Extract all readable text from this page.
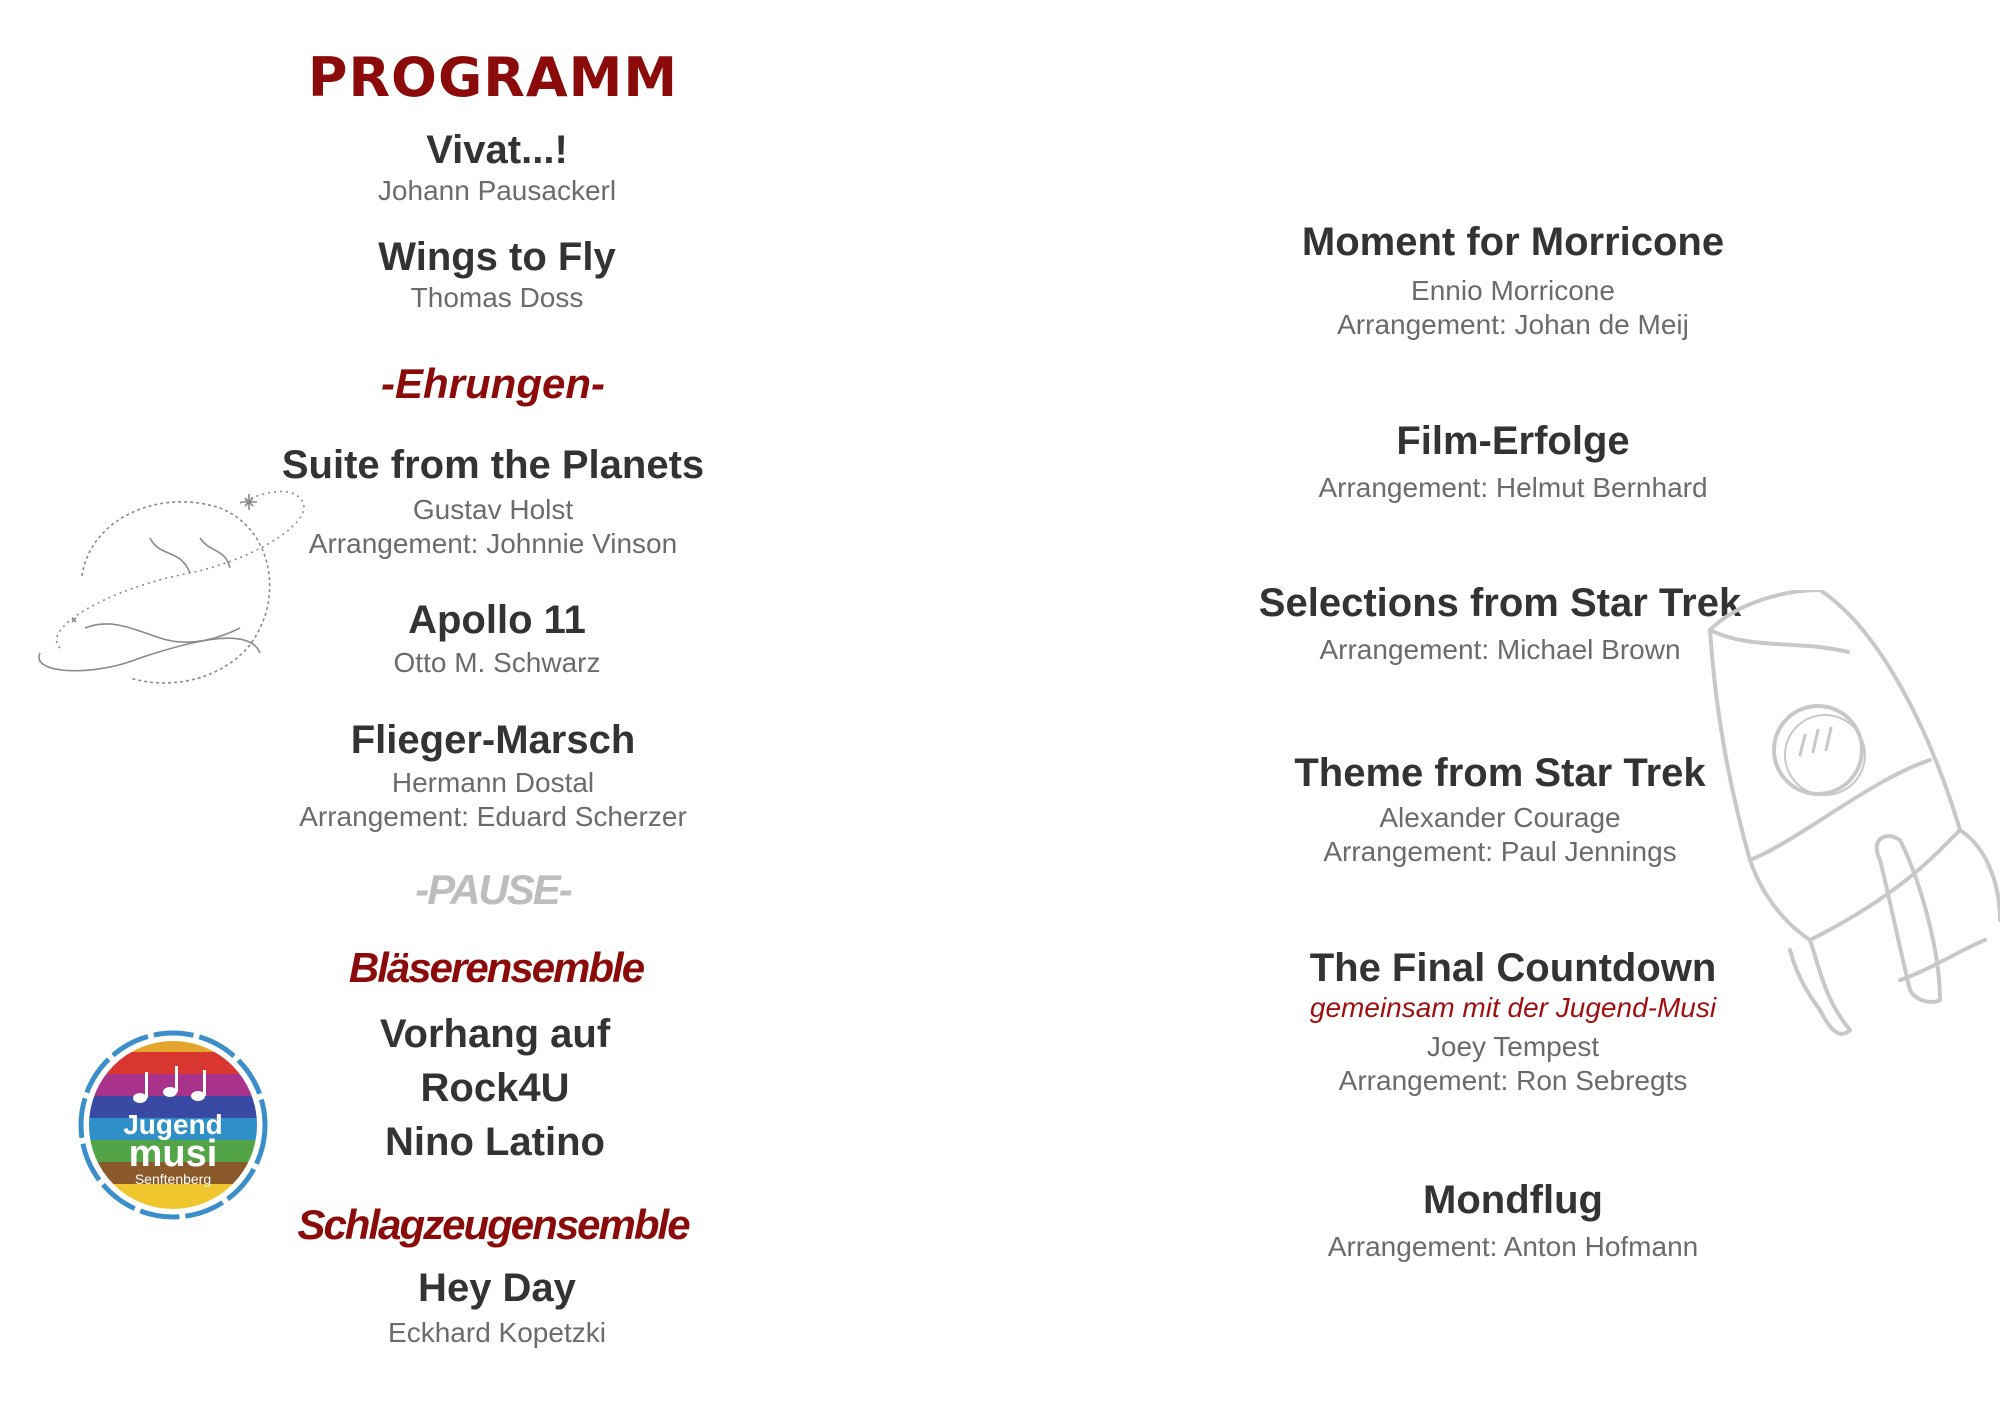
PROGRAMM
Vivat...!
Johann Pausackerl
Wings to Fly
Thomas Doss
-Ehrungen-
Suite from the Planets
Gustav Holst
Arrangement: Johnnie Vinson
Apollo 11
Otto M. Schwarz
Flieger-Marsch
Hermann Dostal
Arrangement: Eduard Scherzer
-PAUSE-
Bläserensemble
Vorhang auf
Rock4U
Nino Latino
Schlagzeugensemble
Hey Day
Eckhard Kopetzki
Jugend
musi
Senftenberg
Moment for Morricone
Ennio Morricone
Arrangement: Johan de Meij
Film-Erfolge
Arrangement: Helmut Bernhard
Selections from Star Trek
Arrangement: Michael Brown
Theme from Star Trek
Alexander Courage
Arrangement: Paul Jennings
The Final Countdown
gemeinsam mit der Jugend-Musi
Joey Tempest
Arrangement: Ron Sebregts
Mondflug
Arrangement: Anton Hofmann
